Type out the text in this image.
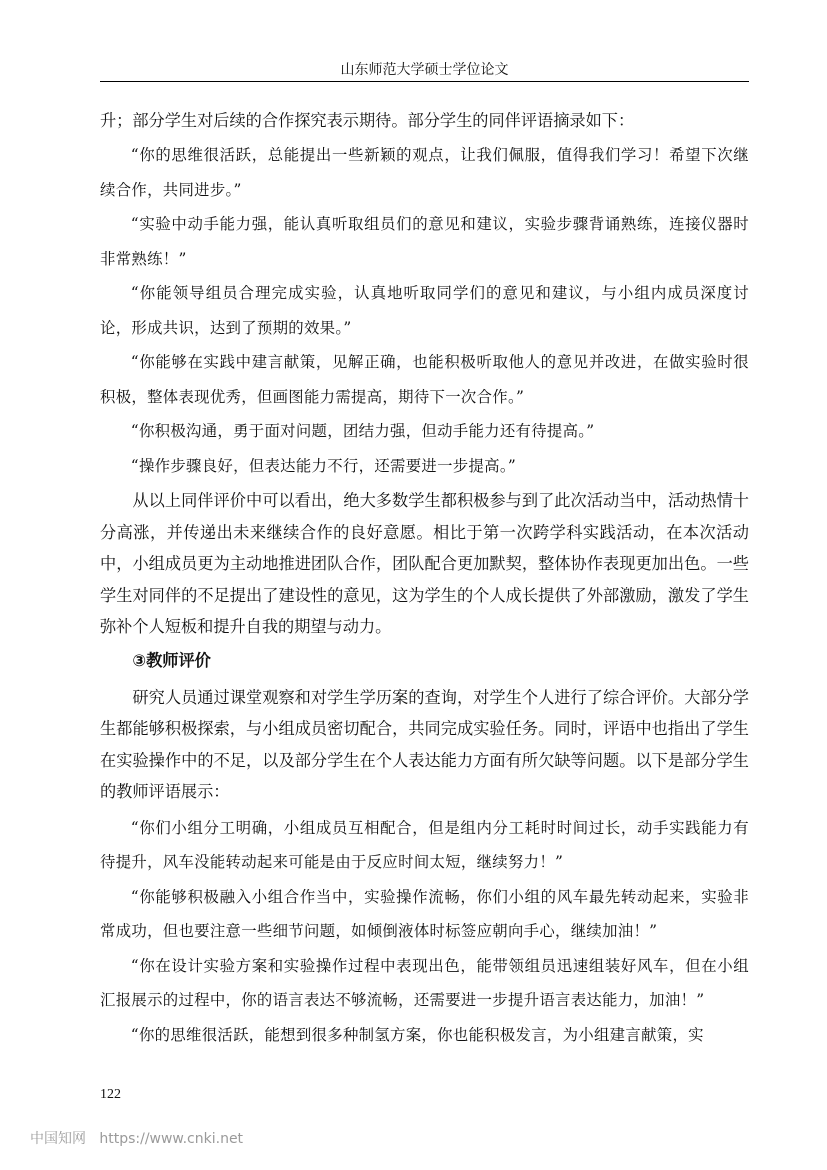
山东师范大学硕士学位论文

升；部分学生对后续的合作探究表示期待。部分学生的同伴评语摘录如下：

“你的思维很活跃，总能提出一些新颖的观点，让我们佩服，值得我们学习！希望下次继续合作，共同进步。”

“实验中动手能力强，能认真听取组员们的意见和建议，实验步骤背诵熟练，连接仪器时非常熟练！”

“你能领导组员合理完成实验，认真地听取同学们的意见和建议，与小组内成员深度讨论，形成共识，达到了预期的效果。”

“你能够在实践中建言献策，见解正确，也能积极听取他人的意见并改进，在做实验时很积极，整体表现优秀，但画图能力需提高，期待下一次合作。”

“你积极沟通，勇于面对问题，团结力强，但动手能力还有待提高。”

“操作步骤良好，但表达能力不行，还需要进一步提高。”

从以上同伴评价中可以看出，绝大多数学生都积极参与到了此次活动当中，活动热情十分高涨，并传递出未来继续合作的良好意愿。相比于第一次跨学科实践活动，在本次活动中，小组成员更为主动地推进团队合作，团队配合更加默契，整体协作表现更加出色。一些学生对同伴的不足提出了建设性的意见，这为学生的个人成长提供了外部激励，激发了学生弥补个人短板和提升自我的期望与动力。

③教师评价

研究人员通过课堂观察和对学生学历案的查询，对学生个人进行了综合评价。大部分学生都能够积极探索，与小组成员密切配合，共同完成实验任务。同时，评语中也指出了学生在实验操作中的不足，以及部分学生在个人表达能力方面有所欠缺等问题。以下是部分学生的教师评语展示：

“你们小组分工明确，小组成员互相配合，但是组内分工耗时时间过长，动手实践能力有待提升，风车没能转动起来可能是由于反应时间太短，继续努力！”

“你能够积极融入小组合作当中，实验操作流畅，你们小组的风车最先转动起来，实验非常成功，但也要注意一些细节问题，如倾倒液体时标签应朝向手心，继续加油！”

“你在设计实验方案和实验操作过程中表现出色，能带领组员迅速组装好风车，但在小组汇报展示的过程中，你的语言表达不够流畅，还需要进一步提升语言表达能力，加油！”

“你的思维很活跃，能想到很多种制氢方案，你也能积极发言，为小组建言献策，实

122
中国知网   https://www.cnki.net
